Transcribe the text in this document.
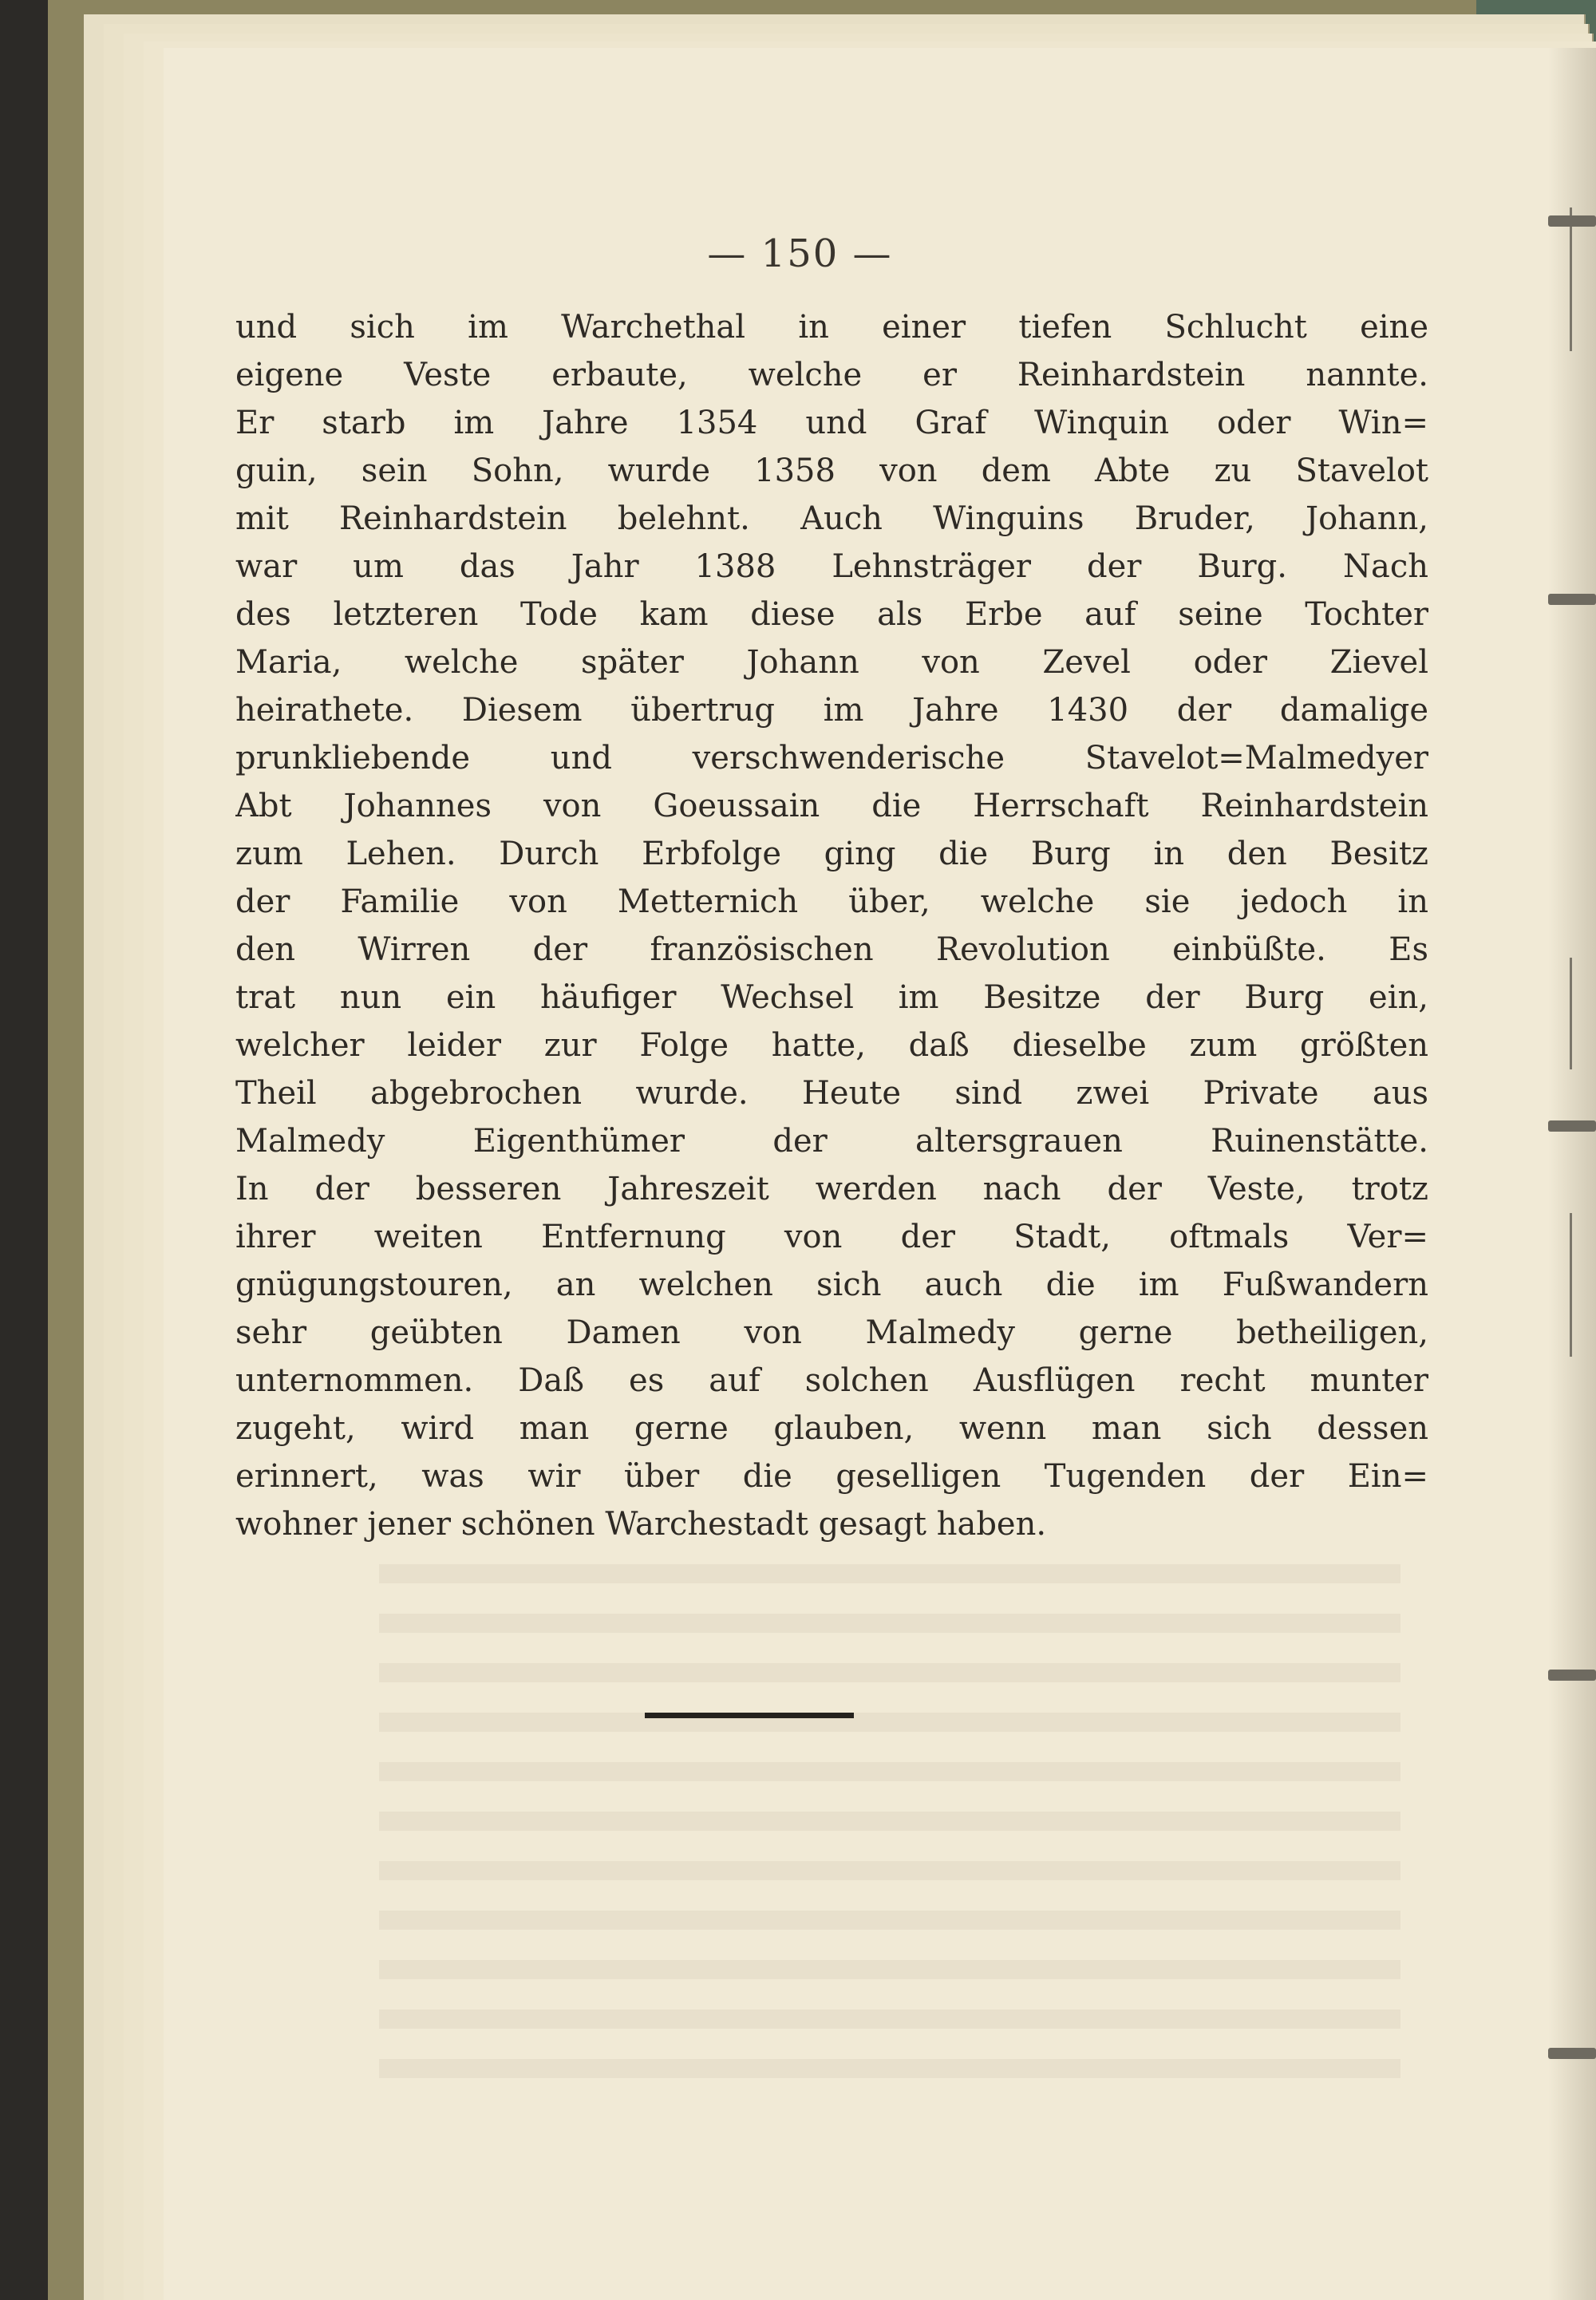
— 150 —
und sich im Warchethal in einer tiefen Schlucht eine
eigene Veste erbaute, welche er Reinhardstein nannte.
Er starb im Jahre 1354 und Graf Winquin oder Win=
guin, sein Sohn, wurde 1358 von dem Abte zu Stavelot
mit Reinhardstein belehnt. Auch Winguins Bruder, Johann,
war um das Jahr 1388 Lehnsträger der Burg. Nach
des letzteren Tode kam diese als Erbe auf seine Tochter
Maria, welche später Johann von Zevel oder Zievel
heirathete. Diesem übertrug im Jahre 1430 der damalige
prunkliebende und verschwenderische Stavelot=Malmedyer
Abt Johannes von Goeussain die Herrschaft Reinhardstein
zum Lehen. Durch Erbfolge ging die Burg in den Besitz
der Familie von Metternich über, welche sie jedoch in
den Wirren der französischen Revolution einbüßte. Es
trat nun ein häufiger Wechsel im Besitze der Burg ein,
welcher leider zur Folge hatte, daß dieselbe zum größten
Theil abgebrochen wurde. Heute sind zwei Private aus
Malmedy Eigenthümer der altersgrauen Ruinenstätte.
In der besseren Jahreszeit werden nach der Veste, trotz
ihrer weiten Entfernung von der Stadt, oftmals Ver=
gnügungstouren, an welchen sich auch die im Fußwandern
sehr geübten Damen von Malmedy gerne betheiligen,
unternommen. Daß es auf solchen Ausflügen recht munter
zugeht, wird man gerne glauben, wenn man sich dessen
erinnert, was wir über die geselligen Tugenden der Ein=
wohner jener schönen Warchestadt gesagt haben.
